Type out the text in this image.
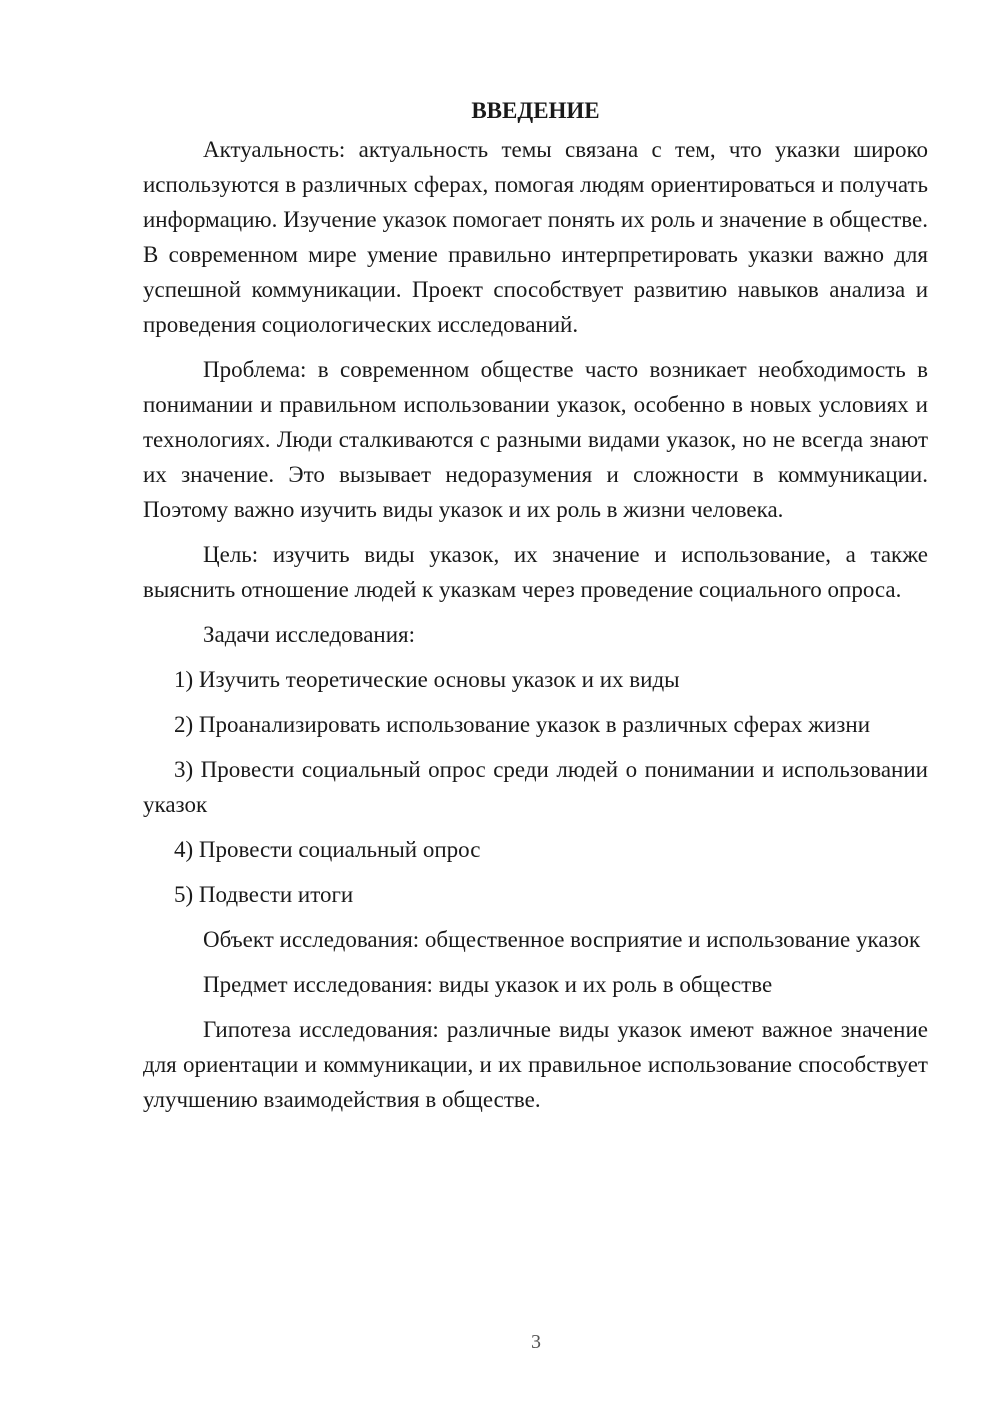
ВВЕДЕНИЕ

Актуальность: актуальность темы связана с тем, что указки широко используются в различных сферах, помогая людям ориентироваться и получать информацию. Изучение указок помогает понять их роль и значение в обществе. В современном мире умение правильно интерпретировать указки важно для успешной коммуникации. Проект способствует развитию навыков анализа и проведения социологических исследований.

Проблема: в современном обществе часто возникает необходимость в понимании и правильном использовании указок, особенно в новых условиях и технологиях. Люди сталкиваются с разными видами указок, но не всегда знают их значение. Это вызывает недоразумения и сложности в коммуникации. Поэтому важно изучить виды указок и их роль в жизни человека.

Цель: изучить виды указок, их значение и использование, а также выяснить отношение людей к указкам через проведение социального опроса.

Задачи исследования:

1) Изучить теоретические основы указок и их виды

2) Проанализировать использование указок в различных сферах жизни

3) Провести социальный опрос среди людей о понимании и использовании указок

4) Провести социальный опрос

5) Подвести итоги

Объект исследования: общественное восприятие и использование указок

Предмет исследования: виды указок и их роль в обществе

Гипотеза исследования: различные виды указок имеют важное значение для ориентации и коммуникации, и их правильное использование способствует улучшению взаимодействия в обществе.

3
